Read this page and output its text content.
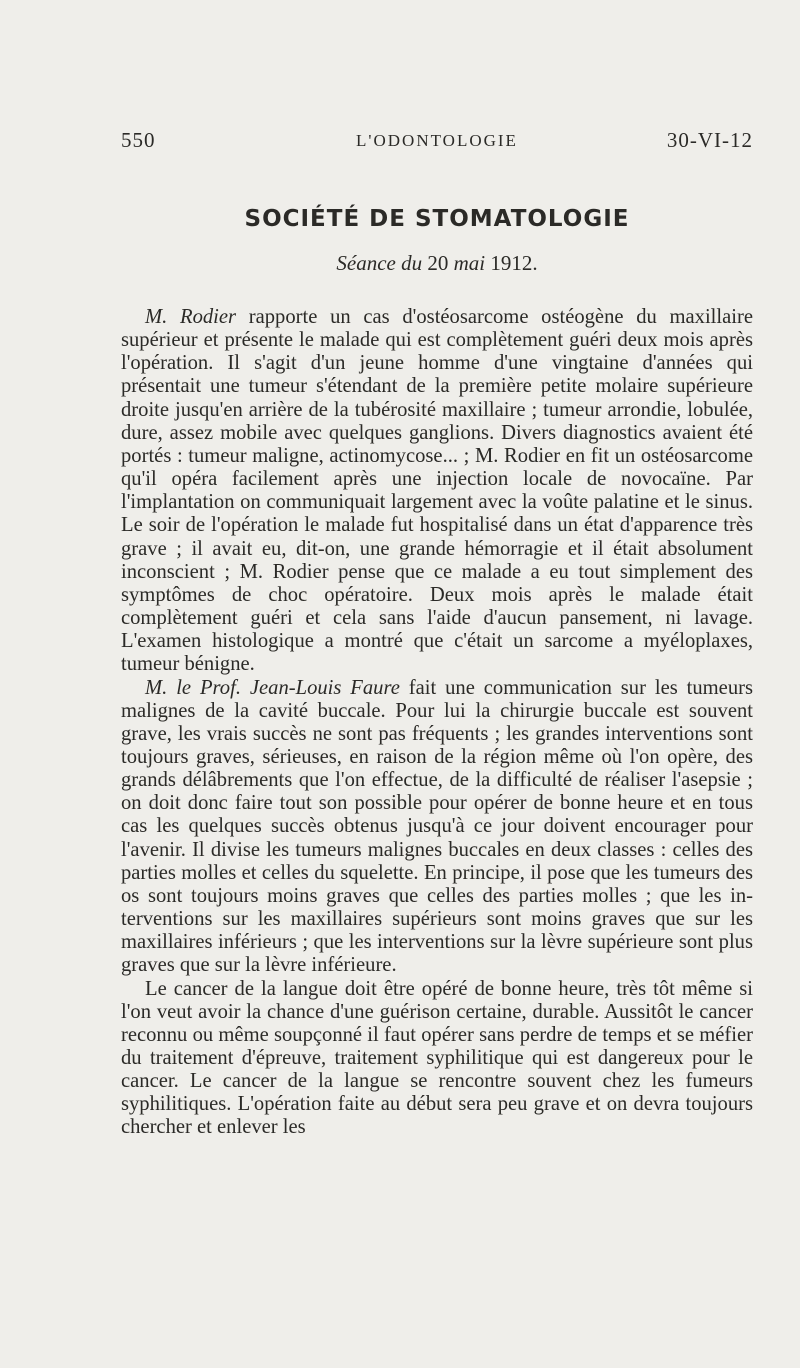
550	L'ODONTOLOGIE	30-VI-12
SOCIÉTÉ DE STOMATOLOGIE
Séance du 20 mai 1912.

M. Rodier rapporte un cas d'ostéosarcome ostéogène du maxillaire supérieur et présente le malade qui est complètement guéri deux mois après l'opération. Il s'agit d'un jeune homme d'une vingtaine d'années qui présentait une tumeur s'étendant de la première petite molaire supérieure droite jusqu'en arrière de la tubérosité maxillaire ; tumeur arrondie, lobulée, dure, assez mobile avec quelques ganglions. Divers diagnostics avaient été portés : tumeur maligne, actinomycose... ; M. Rodier en fit un ostéosarcome qu'il opéra facilement après une injection locale de novocaïne. Par l'implantation on communiquait largement avec la voûte palatine et le sinus. Le soir de l'opération le malade fut hospitalisé dans un état d'apparence très grave ; il avait eu, dit-on, une grande hémorragie et il était absolument inconscient ; M. Rodier pense que ce malade a eu tout simplement des symptômes de choc opératoire. Deux mois après le malade était complètement guéri et cela sans l'aide d'aucun pansement, ni lavage. L'examen histologique a montré que c'était un sarcome a myéloplaxes, tumeur bénigne.

M. le Prof. Jean-Louis Faure fait une communication sur les tumeurs malignes de la cavité buccale. Pour lui la chirurgie buccale est souvent grave, les vrais succès ne sont pas fréquents ; les grandes interventions sont toujours graves, sérieuses, en raison de la région même où l'on opère, des grands délâbrements que l'on effectue, de la difficulté de réaliser l'asepsie ; on doit donc faire tout son possible pour opérer de bonne heure et en tous cas les quelques succès obtenus jusqu'à ce jour doivent encourager pour l'avenir. Il divise les tumeurs malignes buccales en deux classes : celles des parties molles et celles du squelette. En principe, il pose que les tumeurs des os sont toujours moins graves que celles des parties molles ; que les interventions sur les maxillaires supérieurs sont moins graves que sur les maxillaires inférieurs ; que les interventions sur la lèvre supérieure sont plus graves que sur la lèvre inférieure.

Le cancer de la langue doit être opéré de bonne heure, très tôt même si l'on veut avoir la chance d'une guérison certaine, durable. Aussitôt le cancer reconnu ou même soupçonné il faut opérer sans perdre de temps et se méfier du traitement d'épreuve, traitement syphilitique qui est dangereux pour le cancer. Le cancer de la langue se rencontre souvent chez les fumeurs syphilitiques. L'opération faite au début sera peu grave et on devra toujours chercher et enlever les
